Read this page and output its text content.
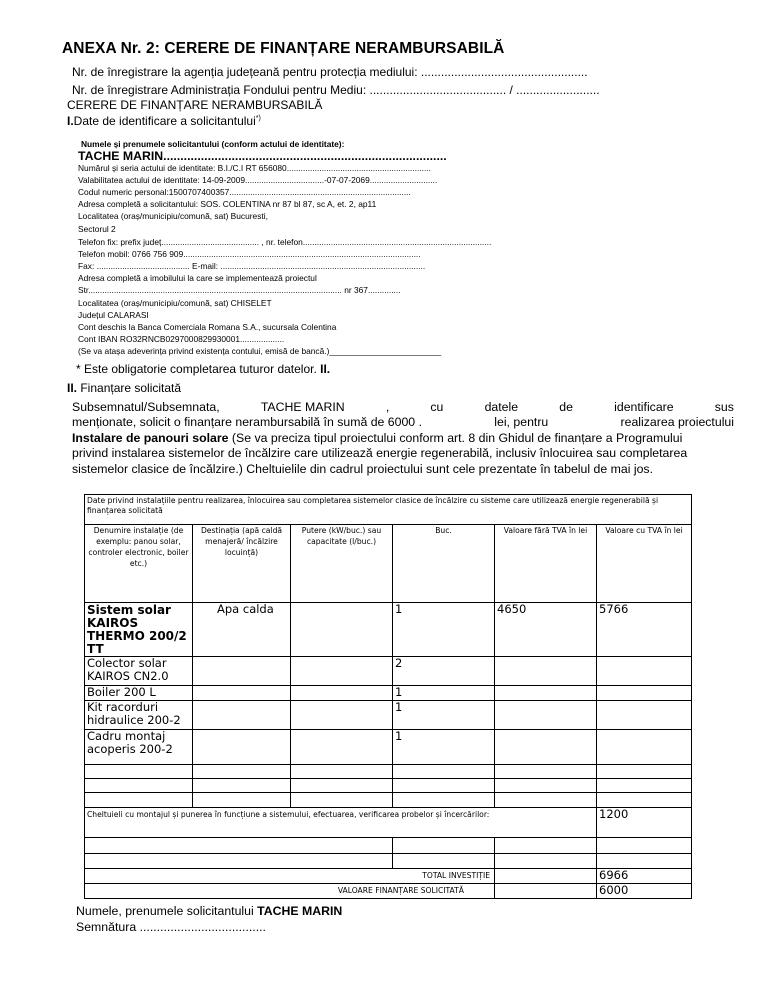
ANEXA Nr. 2: CERERE DE FINANȚARE NERAMBURSABILĂ
Nr. de înregistrare la agenția județeană pentru protecția mediului: ..................................................
Nr. de înregistrare Administrația Fondului pentru Mediu: ......................................... / .........................
CERERE DE FINANȚARE NERAMBURSABILĂ
I.Date de identificare a solicitantului*)
Numele și prenumele solicitantului (conform actului de identitate):
TACHE MARIN...................................................................................
Numărul și seria actului de identitate: B.I./C.I RT 656080..............................................................
Valabilitatea actului de identitate: 14-09-2009..................................-07-07-2069.............................
Codul numeric personal:1500707400357..............................................................................
Adresa completă a solicitantului: SOS. COLENTINA nr 87 bl 87, sc A, et. 2, ap11
Localitatea (oraș/municipiu/comună, sat) Bucuresti,
Sectorul 2
Telefon fix: prefix județ.......................................... , nr. telefon.................................................................................
Telefon mobil: 0766 756 909......................................................................................................
Fax: ........................................ E-mail: ........................................................................................
Adresa completă a imobilului la care se implementează proiectul
Str............................................................................................................. nr 367..............
Localitatea (oraș/municipiu/comună, sat) CHISELET
Județul CALARASI
Cont deschis la Banca Comerciala Romana S.A., sucursala Colentina
Cont IBAN RO32RNCB0297000829930001...................
(Se va atașa adeverința privind existența contului, emisă de bancă.)________________________
* Este obligatorie completarea tuturor datelor. II.
II. Finanțare solicitată
Subsemnatul/Subsemnata,	TACHE MARIN	,	cu	datele	de	identificare	sus
menționate, solicit o finanțare nerambursabilă în sumă de 6000 .	lei, pentru	realizarea proiectului
Instalare de panouri solare (Se va preciza tipul proiectului conform art. 8 din Ghidul de finanțare a Programului
privind instalarea sistemelor de încălzire care utilizează energie regenerabilă, inclusiv înlocuirea sau completarea
sistemelor clasice de încălzire.) Cheltuielile din cadrul proiectului sunt cele prezentate în tabelul de mai jos.
Date privind instalațiile pentru realizarea, înlocuirea sau completarea sistemelor clasice de încălzire cu sisteme care utilizează energie regenerabilă și finanțarea solicitată					
Denumire instalație (de exemplu: panou solar, controler electronic, boiler etc.)	Destinația (apă caldă menajeră/ încălzire locuință)	Putere (kW/buc.) sau capacitate (l/buc.)	Buc.	Valoare fără TVA în lei	Valoare cu TVA în lei
Sistem solar KAIROS THERMO 200/2 TT	Apa calda		1	4650	5766
Colector solar KAIROS CN2.0			2		
Boiler 200 L			1		
Kit racorduri hidraulice 200-2			1		
Cadru montaj acoperis 200-2			1		

Cheltuieli cu montajul și punerea în funcțiune a sistemului, efectuarea, verificarea probelor și încercărilor:					1200

TOTAL INVESTIȚIE					6966
VALOARE FINANȚARE SOLICITATĂ					6000
Numele, prenumele solicitantului TACHE MARIN
Semnătura .....................................
